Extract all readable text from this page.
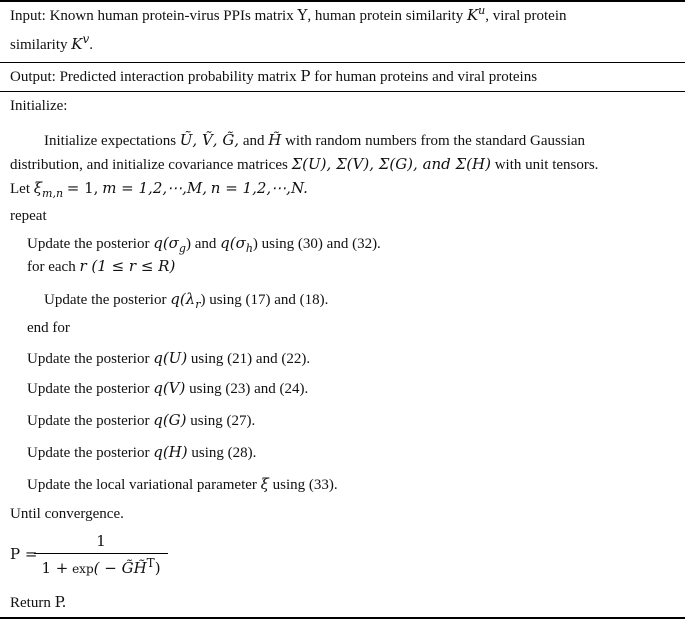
Input: Known human protein-virus PPIs matrix Y, human protein similarity $K^u$, viral protein
similarity $K^v$.
Output: Predicted interaction probability matrix P for human proteins and viral proteins
Initialize:
Initialize expectations Ũ, Ṽ, G̃, and H̃ with random numbers from the standard Gaussian
distribution, and initialize covariance matrices Σ(U), Σ(V), Σ(G), and Σ(H) with unit tensors.
Let $\xi_{m,n} = 1$, m = 1,2,⋯,M, n = 1,2,⋯,N.
repeat
Update the posterior $q(\sigma_g)$ and $q(\sigma_h)$ using (30) and (32).
for each r (1 ≤ r ≤ R)
Update the posterior $q(\lambda_r)$ using (17) and (18).
end for
Update the posterior q(U) using (21) and (22).
Update the posterior q(V) using (23) and (24).
Update the posterior q(G) using (27).
Update the posterior q(H) using (28).
Update the local variational parameter ξ using (33).
Until convergence.
P =
1
1 + exp( − G̃H̃$^T$)
Return P.
